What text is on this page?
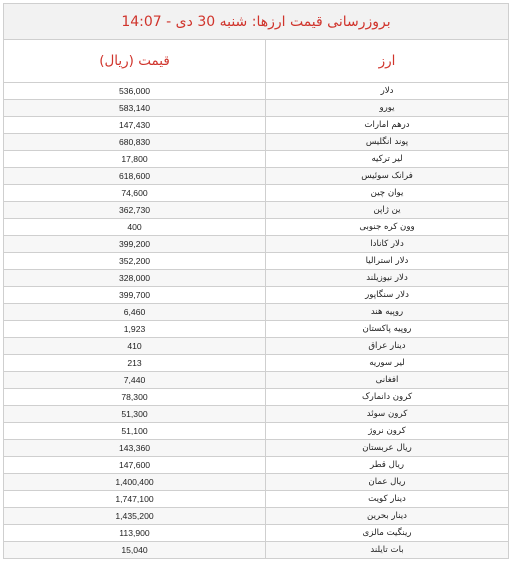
بروزرسانی قیمت ارزها: شنبه 30 دی - 14:07	
ارز	قیمت (ریال)
دلار	536,000
یورو	583,140
درهم امارات	147,430
پوند انگلیس	680,830
لیر ترکیه	17,800
فرانک سوئیس	618,600
یوان چین	74,600
ین ژاپن	362,730
وون کره جنوبی	400
دلار کانادا	399,200
دلار استرالیا	352,200
دلار نیوزیلند	328,000
دلار سنگاپور	399,700
روپیه هند	6,460
روپیه پاکستان	1,923
دینار عراق	410
لیر سوریه	213
افغانی	7,440
کرون دانمارک	78,300
کرون سوئد	51,300
کرون نروژ	51,100
ریال عربستان	143,360
ریال قطر	147,600
ریال عمان	1,400,400
دینار کویت	1,747,100
دینار بحرین	1,435,200
رینگیت مالزی	113,900
بات تایلند	15,040
